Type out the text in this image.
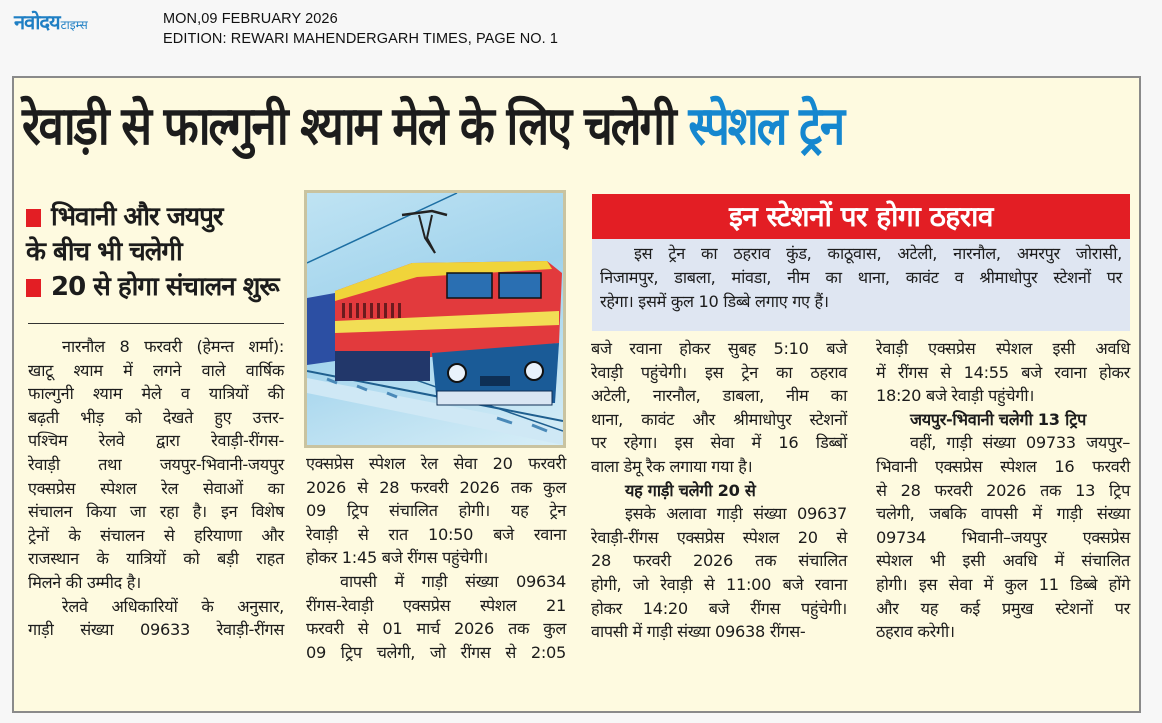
नवोदय टाइम्स	MON,09 FEBRUARY 2026
EDITION: REWARI MAHENDERGARH TIMES, PAGE NO. 1
रेवाड़ी से फाल्गुनी श्याम मेले के लिए चलेगी स्पेशल ट्रेन
भिवानी और जयपुर
के बीच भी चलेगी
20 से होगा संचालन शुरू
नारनौल 8 फरवरी (हेमन्त शर्मा):
खाटू श्याम में लगने वाले वार्षिक
फाल्गुनी श्याम मेले व यात्रियों की
बढ़ती भीड़ को देखते हुए उत्तर-
पश्चिम रेलवे द्वारा रेवाड़ी-रींगस-
रेवाड़ी तथा जयपुर-भिवानी-जयपुर
एक्सप्रेस स्पेशल रेल सेवाओं का
संचालन किया जा रहा है। इन विशेष
ट्रेनों के संचालन से हरियाणा और
राजस्थान के यात्रियों को बड़ी राहत
मिलने की उम्मीद है।
रेलवे अधिकारियों के अनुसार,
गाड़ी संख्या 09633 रेवाड़ी-रींगस
एक्सप्रेस स्पेशल रेल सेवा 20 फरवरी
2026 से 28 फरवरी 2026 तक कुल
09 ट्रिप संचालित होगी। यह ट्रेन
रेवाड़ी से रात 10:50 बजे रवाना
होकर 1:45 बजे रींगस पहुंचेगी।
वापसी में गाड़ी संख्या 09634
रींगस-रेवाड़ी एक्सप्रेस स्पेशल 21
फरवरी से 01 मार्च 2026 तक कुल
09 ट्रिप चलेगी, जो रींगस से 2:05
इन स्टेशनों पर होगा ठहराव
इस ट्रेन का ठहराव कुंड, काठूवास, अटेली, नारनौल, अमरपुर जोरासी,
निजामपुर, डाबला, मांवडा, नीम का थाना, कावंट व श्रीमाधोपुर स्टेशनों पर
रहेगा। इसमें कुल 10 डिब्बे लगाए गए हैं।
बजे रवाना होकर सुबह 5:10 बजे
रेवाड़ी पहुंचेगी। इस ट्रेन का ठहराव
अटेली, नारनौल, डाबला, नीम का
थाना, कावंट और श्रीमाधोपुर स्टेशनों
पर रहेगा। इस सेवा में 16 डिब्बों
वाला डेमू रैक लगाया गया है।
यह गाड़ी चलेगी 20 से
इसके अलावा गाड़ी संख्या 09637
रेवाड़ी-रींगस एक्सप्रेस स्पेशल 20 से
28 फरवरी 2026 तक संचालित
होगी, जो रेवाड़ी से 11:00 बजे रवाना
होकर 14:20 बजे रींगस पहुंचेगी।
वापसी में गाड़ी संख्या 09638 रींगस-
रेवाड़ी एक्सप्रेस स्पेशल इसी अवधि
में रींगस से 14:55 बजे रवाना होकर
18:20 बजे रेवाड़ी पहुंचेगी।
जयपुर-भिवानी चलेगी 13 ट्रिप
वहीं, गाड़ी संख्या 09733 जयपुर–
भिवानी एक्सप्रेस स्पेशल 16 फरवरी
से 28 फरवरी 2026 तक 13 ट्रिप
चलेगी, जबकि वापसी में गाड़ी संख्या
09734 भिवानी–जयपुर एक्सप्रेस
स्पेशल भी इसी अवधि में संचालित
होगी। इस सेवा में कुल 11 डिब्बे होंगे
और यह कई प्रमुख स्टेशनों पर
ठहराव करेगी।
